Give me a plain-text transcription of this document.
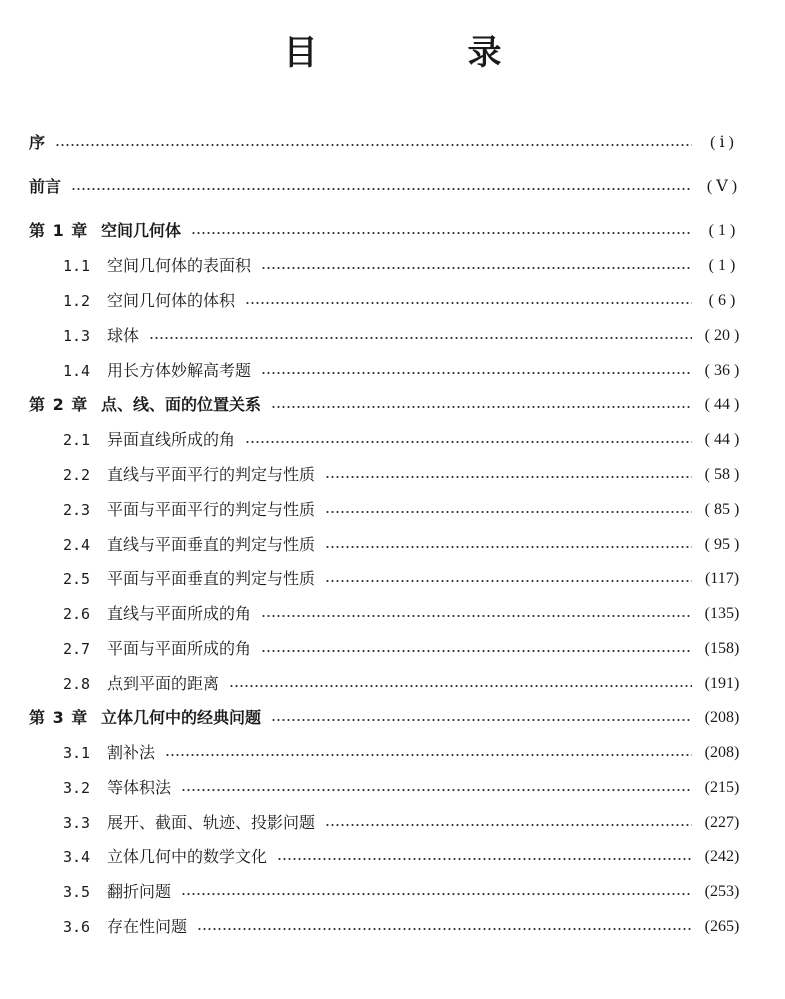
目　录
序	( ⅰ )
前言	( Ⅴ )
第 1 章 空间几何体	( 1 )
1.1	空间几何体的表面积	( 1 )
1.2	空间几何体的体积	( 6 )
1.3	球体	( 20 )
1.4	用长方体妙解高考题	( 36 )
第 2 章 点、线、面的位置关系	( 44 )
2.1	异面直线所成的角	( 44 )
2.2	直线与平面平行的判定与性质	( 58 )
2.3	平面与平面平行的判定与性质	( 85 )
2.4	直线与平面垂直的判定与性质	( 95 )
2.5	平面与平面垂直的判定与性质	(117)
2.6	直线与平面所成的角	(135)
2.7	平面与平面所成的角	(158)
2.8	点到平面的距离	(191)
第 3 章 立体几何中的经典问题	(208)
3.1	割补法	(208)
3.2	等体积法	(215)
3.3	展开、截面、轨迹、投影问题	(227)
3.4	立体几何中的数学文化	(242)
3.5	翻折问题	(253)
3.6	存在性问题	(265)
